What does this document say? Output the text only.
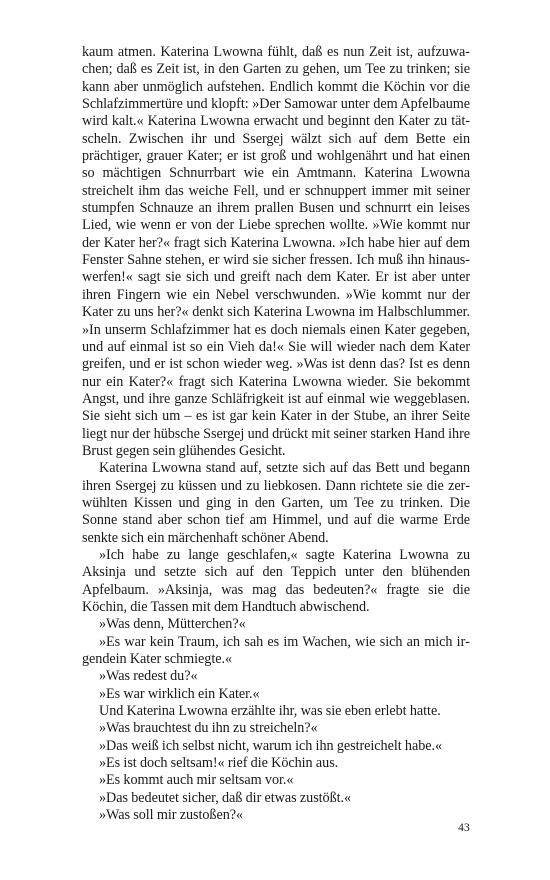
kaum atmen. Katerina Lwowna fühlt, daß es nun Zeit ist, aufzuwachen; daß es Zeit ist, in den Garten zu gehen, um Tee zu trinken; sie kann aber unmöglich aufstehen. Endlich kommt die Köchin vor die Schlafzimmertüre und klopft: »Der Samowar unter dem Apfelbaume wird kalt.« Katerina Lwowna erwacht und beginnt den Kater zu tätscheln. Zwischen ihr und Ssergej wälzt sich auf dem Bette ein prächtiger, grauer Kater; er ist groß und wohlgenährt und hat einen so mächtigen Schnurrbart wie ein Amtmann. Katerina Lwowna streichelt ihm das weiche Fell, und er schnuppert immer mit seiner stumpfen Schnauze an ihrem prallen Busen und schnurrt ein leises Lied, wie wenn er von der Liebe sprechen wollte. »Wie kommt nur der Kater her?« fragt sich Katerina Lwowna. »Ich habe hier auf dem Fenster Sahne stehen, er wird sie sicher fressen. Ich muß ihn hinauswerfen!« sagt sie sich und greift nach dem Kater. Er ist aber unter ihren Fingern wie ein Nebel verschwunden. »Wie kommt nur der Kater zu uns her?« denkt sich Katerina Lwowna im Halbschlummer. »In unserm Schlafzimmer hat es doch niemals einen Kater gegeben, und auf einmal ist so ein Vieh da!« Sie will wieder nach dem Kater greifen, und er ist schon wieder weg. »Was ist denn das? Ist es denn nur ein Kater?« fragt sich Katerina Lwowna wieder. Sie bekommt Angst, und ihre ganze Schläfrigkeit ist auf einmal wie weggeblasen. Sie sieht sich um – es ist gar kein Kater in der Stube, an ihrer Seite liegt nur der hübsche Ssergej und drückt mit seiner starken Hand ihre Brust gegen sein glühendes Gesicht.

Katerina Lwowna stand auf, setzte sich auf das Bett und begann ihren Ssergej zu küssen und zu liebkosen. Dann richtete sie die zerwühlten Kissen und ging in den Garten, um Tee zu trinken. Die Sonne stand aber schon tief am Himmel, und auf die warme Erde senkte sich ein märchenhaft schöner Abend.

»Ich habe zu lange geschlafen,« sagte Katerina Lwowna zu Aksinja und setzte sich auf den Teppich unter den blühenden Apfelbaum. »Aksinja, was mag das bedeuten?« fragte sie die Köchin, die Tassen mit dem Handtuch abwischend.

»Was denn, Mütterchen?«

»Es war kein Traum, ich sah es im Wachen, wie sich an mich irgendein Kater schmiegte.«

»Was redest du?«

»Es war wirklich ein Kater.«

Und Katerina Lwowna erzählte ihr, was sie eben erlebt hatte.

»Was brauchtest du ihn zu streicheln?«

»Das weiß ich selbst nicht, warum ich ihn gestreichelt habe.«

»Es ist doch seltsam!« rief die Köchin aus.

»Es kommt auch mir seltsam vor.«

»Das bedeutet sicher, daß dir etwas zustößt.«

»Was soll mir zustoßen?«

43
